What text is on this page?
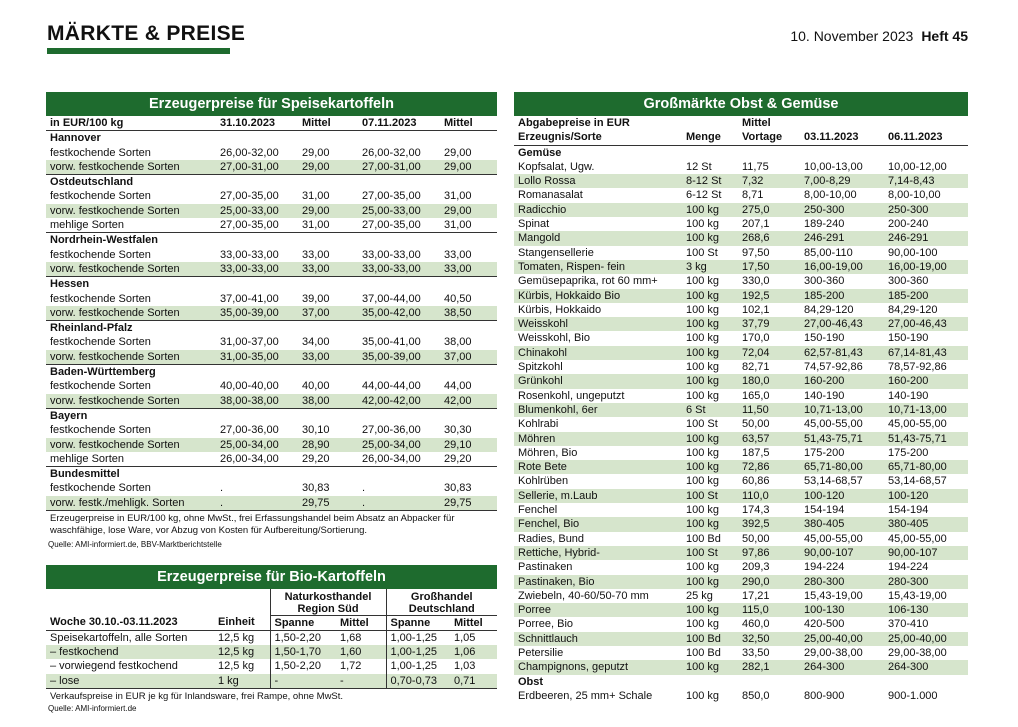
MÄRKTE & PREISE	10. November 2023 Heft 45
Erzeugerpreise für Speisekartoffeln
in EUR/100 kg	31.10.2023	Mittel	07.11.2023	Mittel
Hannover				
festkochende Sorten	26,00-32,00	29,00	26,00-32,00	29,00
vorw. festkochende Sorten	27,00-31,00	29,00	27,00-31,00	29,00
Ostdeutschland				
festkochende Sorten	27,00-35,00	31,00	27,00-35,00	31,00
vorw. festkochende Sorten	25,00-33,00	29,00	25,00-33,00	29,00
mehlige Sorten	27,00-35,00	31,00	27,00-35,00	31,00
Nordrhein-Westfalen				
festkochende Sorten	33,00-33,00	33,00	33,00-33,00	33,00
vorw. festkochende Sorten	33,00-33,00	33,00	33,00-33,00	33,00
Hessen				
festkochende Sorten	37,00-41,00	39,00	37,00-44,00	40,50
vorw. festkochende Sorten	35,00-39,00	37,00	35,00-42,00	38,50
Rheinland-Pfalz				
festkochende Sorten	31,00-37,00	34,00	35,00-41,00	38,00
vorw. festkochende Sorten	31,00-35,00	33,00	35,00-39,00	37,00
Baden-Württemberg				
festkochende Sorten	40,00-40,00	40,00	44,00-44,00	44,00
vorw. festkochende Sorten	38,00-38,00	38,00	42,00-42,00	42,00
Bayern				
festkochende Sorten	27,00-36,00	30,10	27,00-36,00	30,30
vorw. festkochende Sorten	25,00-34,00	28,90	25,00-34,00	29,10
mehlige Sorten	26,00-34,00	29,20	26,00-34,00	29,20
Bundesmittel				
festkochende Sorten	.	30,83	.	30,83
vorw. festk./mehligk. Sorten	.	29,75	.	29,75
Erzeugerpreise in EUR/100 kg, ohne MwSt., frei Erfassungshandel beim Absatz an Abpacker für waschfähige, lose Ware, vor Abzug von Kosten für Aufbereitung/Sortierung.
Quelle: AMI-informiert.de, BBV-Marktberichtstelle
Erzeugerpreise für Bio-Kartoffeln
		Naturkosthandel Region Süd		Großhandel Deutschland	
Woche 30.10.-03.11.2023	Einheit	Spanne	Mittel	Spanne	Mittel
Speisekartoffeln, alle Sorten	12,5 kg	1,50-2,20	1,68	1,00-1,25	1,05
– festkochend	12,5 kg	1,50-1,70	1,60	1,00-1,25	1,06
– vorwiegend festkochend	12,5 kg	1,50-2,20	1,72	1,00-1,25	1,03
– lose	1 kg	-	-	0,70-0,73	0,71
Verkaufspreise in EUR je kg für Inlandsware, frei Rampe, ohne MwSt.
Quelle: AMI-informiert.de
Großmärkte Obst & Gemüse
Abgabepreise in EUR		Mittel		
Erzeugnis/Sorte	Menge	Vortage	03.11.2023	06.11.2023
Gemüse				
Kopfsalat, Ugw.	12 St	11,75	10,00-13,00	10,00-12,00
Lollo Rossa	8-12 St	7,32	7,00-8,29	7,14-8,43
Romanasalat	6-12 St	8,71	8,00-10,00	8,00-10,00
Radicchio	100 kg	275,0	250-300	250-300
Spinat	100 kg	207,1	189-240	200-240
Mangold	100 kg	268,6	246-291	246-291
Stangensellerie	100 St	97,50	85,00-110	90,00-100
Tomaten, Rispen- fein	3 kg	17,50	16,00-19,00	16,00-19,00
Gemüsepaprika, rot 60 mm+	100 kg	330,0	300-360	300-360
Kürbis, Hokkaido Bio	100 kg	192,5	185-200	185-200
Kürbis, Hokkaido	100 kg	102,1	84,29-120	84,29-120
Weisskohl	100 kg	37,79	27,00-46,43	27,00-46,43
Weisskohl, Bio	100 kg	170,0	150-190	150-190
Chinakohl	100 kg	72,04	62,57-81,43	67,14-81,43
Spitzkohl	100 kg	82,71	74,57-92,86	78,57-92,86
Grünkohl	100 kg	180,0	160-200	160-200
Rosenkohl, ungeputzt	100 kg	165,0	140-190	140-190
Blumenkohl, 6er	6 St	11,50	10,71-13,00	10,71-13,00
Kohlrabi	100 St	50,00	45,00-55,00	45,00-55,00
Möhren	100 kg	63,57	51,43-75,71	51,43-75,71
Möhren, Bio	100 kg	187,5	175-200	175-200
Rote Bete	100 kg	72,86	65,71-80,00	65,71-80,00
Kohlrüben	100 kg	60,86	53,14-68,57	53,14-68,57
Sellerie, m.Laub	100 St	110,0	100-120	100-120
Fenchel	100 kg	174,3	154-194	154-194
Fenchel, Bio	100 kg	392,5	380-405	380-405
Radies, Bund	100 Bd	50,00	45,00-55,00	45,00-55,00
Rettiche, Hybrid-	100 St	97,86	90,00-107	90,00-107
Pastinaken	100 kg	209,3	194-224	194-224
Pastinaken, Bio	100 kg	290,0	280-300	280-300
Zwiebeln, 40-60/50-70 mm	25 kg	17,21	15,43-19,00	15,43-19,00
Porree	100 kg	115,0	100-130	106-130
Porree, Bio	100 kg	460,0	420-500	370-410
Schnittlauch	100 Bd	32,50	25,00-40,00	25,00-40,00
Petersilie	100 Bd	33,50	29,00-38,00	29,00-38,00
Champignons, geputzt	100 kg	282,1	264-300	264-300
Obst				
Erdbeeren, 25 mm+ Schale	100 kg	850,0	800-900	900-1.000
